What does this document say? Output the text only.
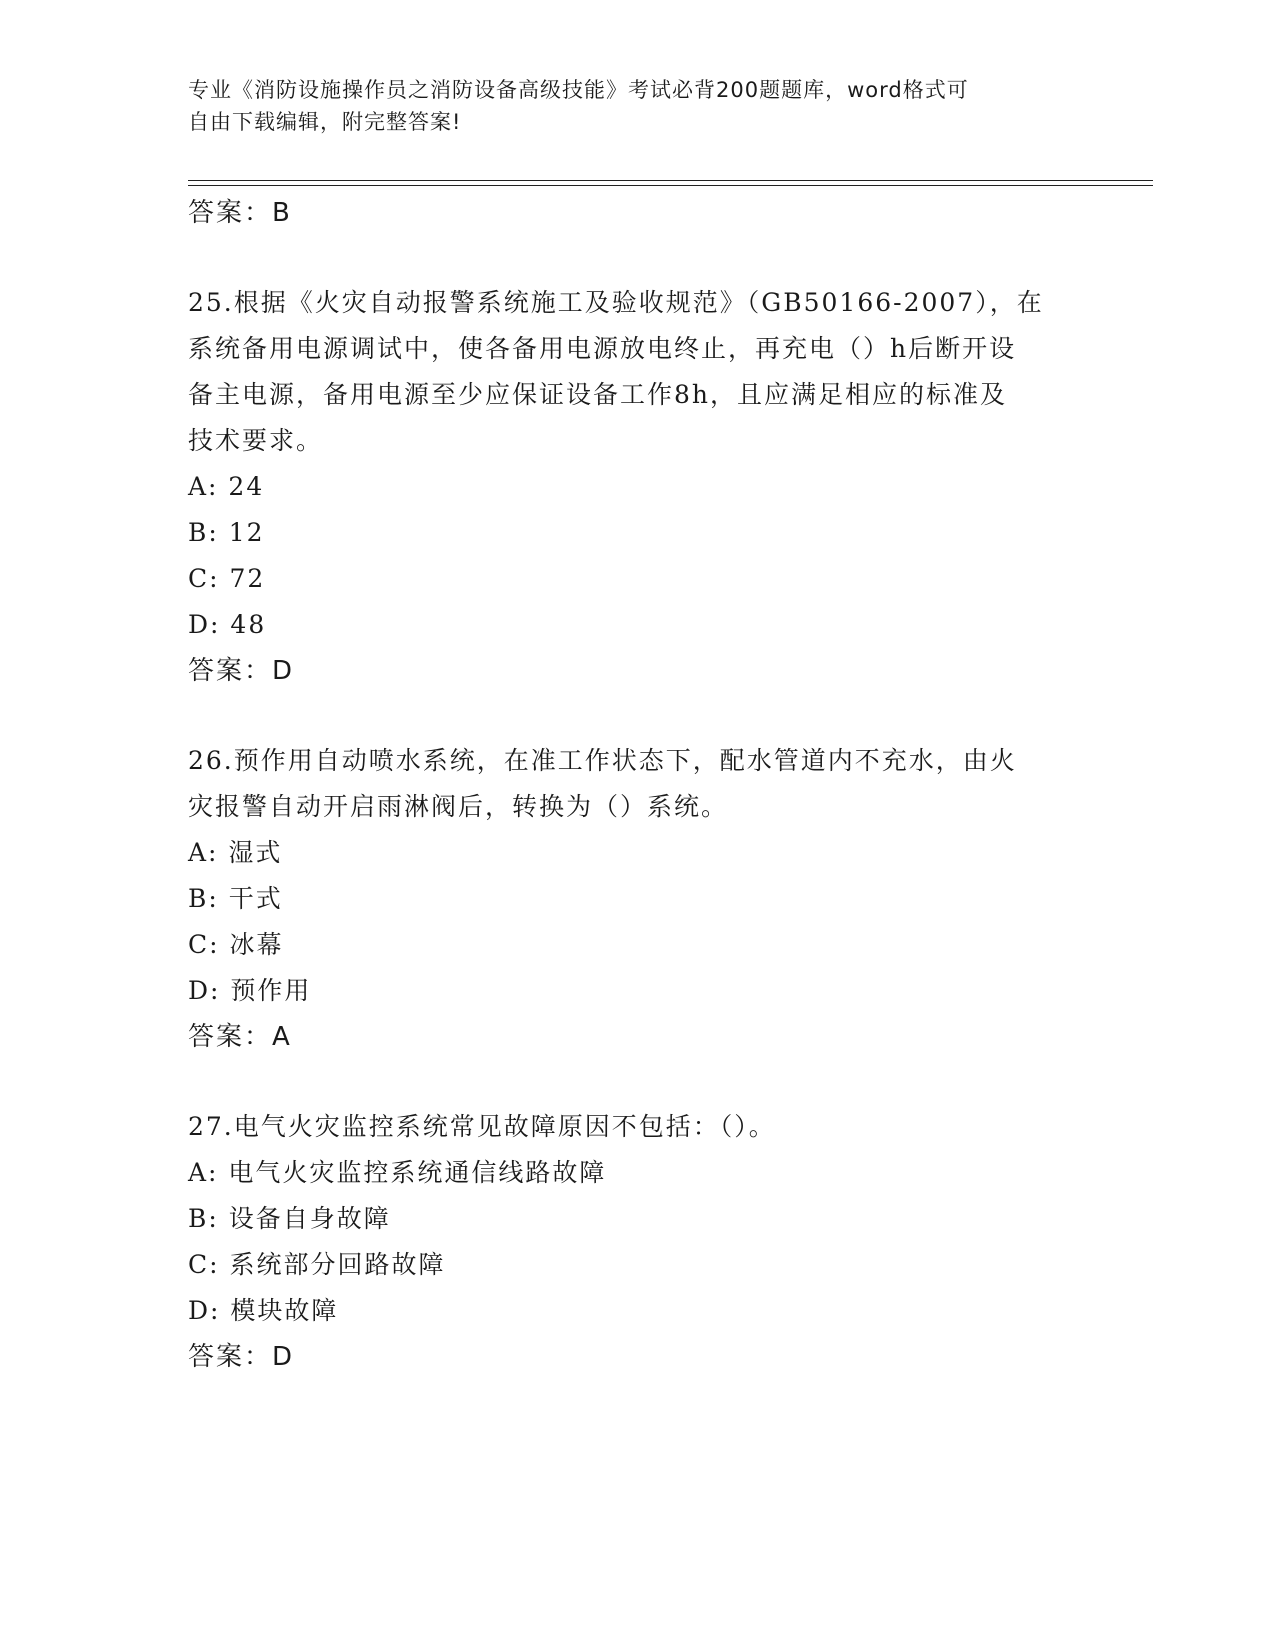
专业《消防设施操作员之消防设备高级技能》考试必背200题题库，word格式可
自由下载编辑，附完整答案!
答案：B
25.根据《火灾自动报警系统施工及验收规范》（GB50166-2007），在
系统备用电源调试中，使各备用电源放电终止，再充电（）h后断开设
备主电源，备用电源至少应保证设备工作8h，且应满足相应的标准及
技术要求。
A: 24
B: 12
C: 72
D: 48
答案：D
26.预作用自动喷水系统，在准工作状态下，配水管道内不充水，由火
灾报警自动开启雨淋阀后，转换为（）系统。
A: 湿式
B: 干式
C: 冰幕
D: 预作用
答案：A
27.电气火灾监控系统常见故障原因不包括：（）。
A: 电气火灾监控系统通信线路故障
B: 设备自身故障
C: 系统部分回路故障
D: 模块故障
答案：D
